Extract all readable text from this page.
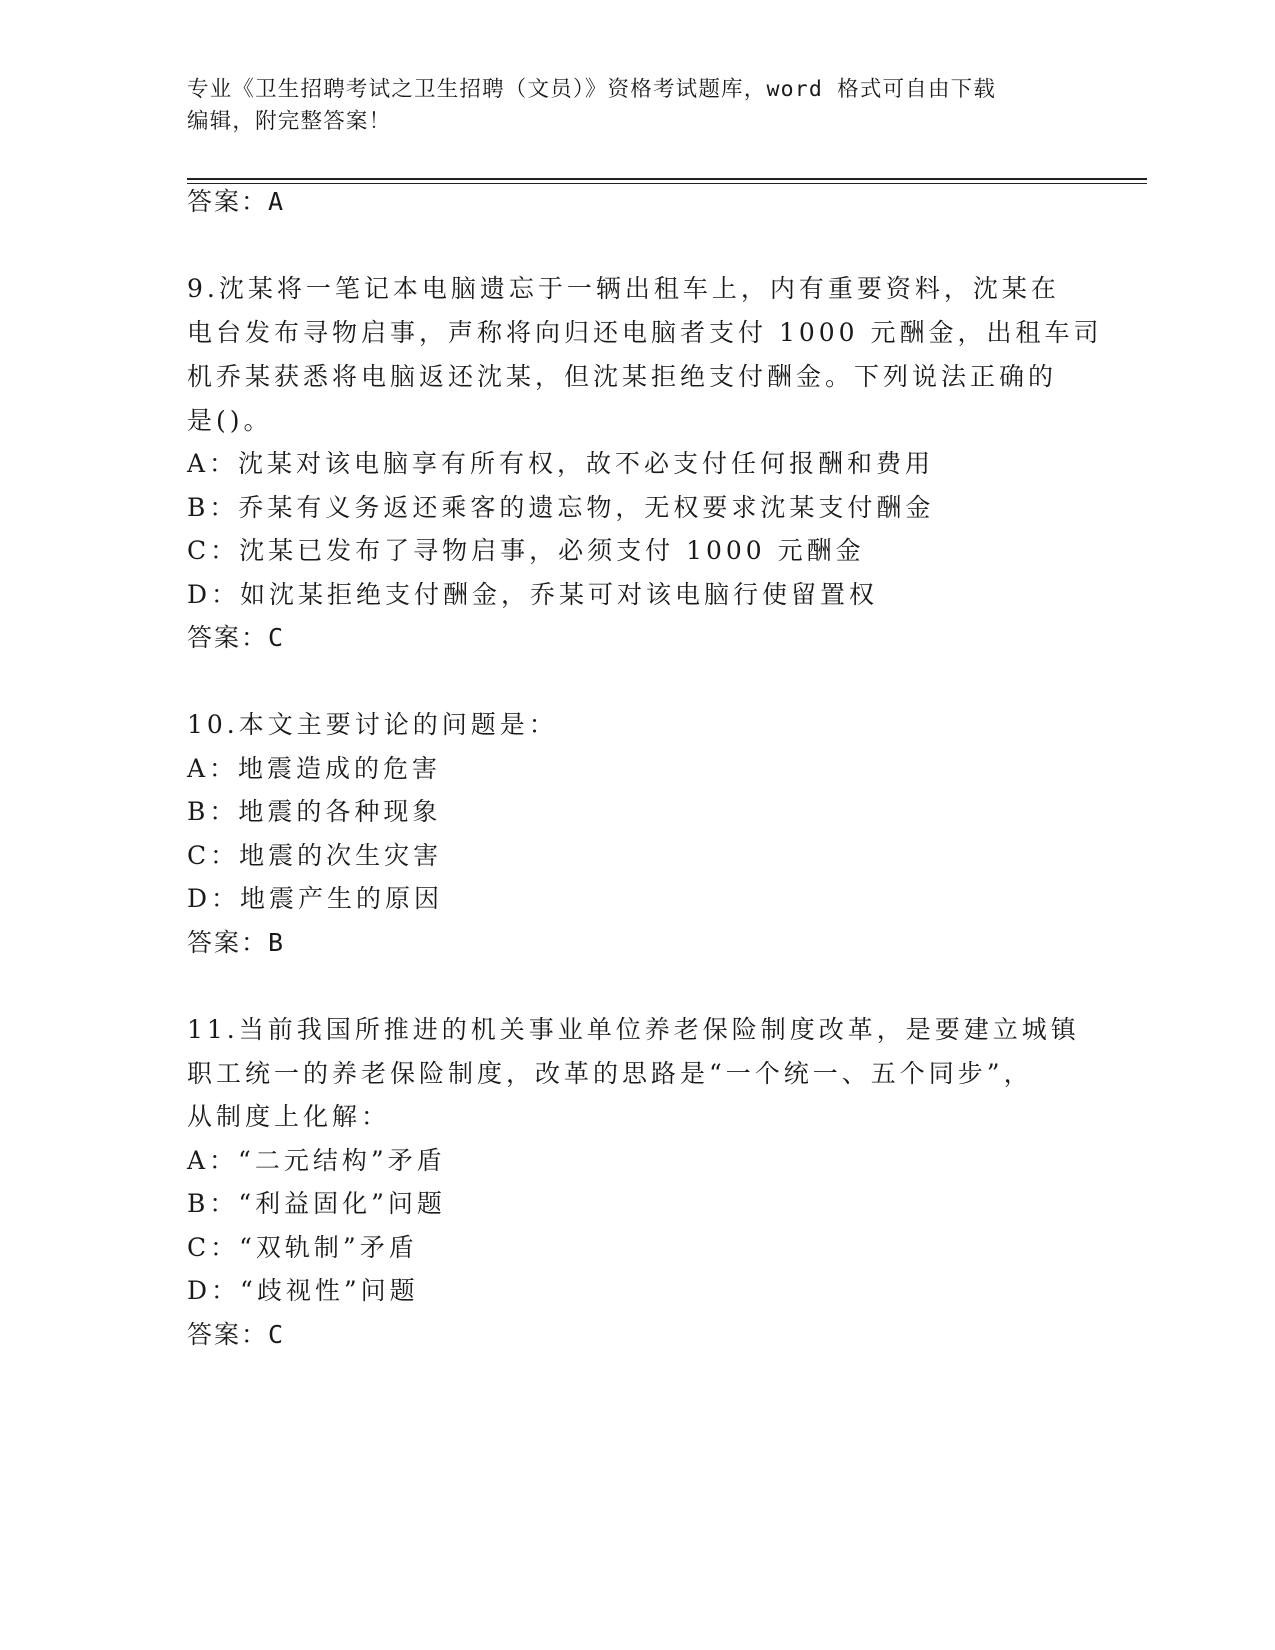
专业《卫生招聘考试之卫生招聘（文员）》资格考试题库，word 格式可自由下载
编辑，附完整答案！
答案：A
9.沈某将一笔记本电脑遗忘于一辆出租车上，内有重要资料，沈某在
电台发布寻物启事，声称将向归还电脑者支付 1000 元酬金，出租车司
机乔某获悉将电脑返还沈某，但沈某拒绝支付酬金。下列说法正确的
是()。
A：沈某对该电脑享有所有权，故不必支付任何报酬和费用
B：乔某有义务返还乘客的遗忘物，无权要求沈某支付酬金
C：沈某已发布了寻物启事，必须支付 1000 元酬金
D：如沈某拒绝支付酬金，乔某可对该电脑行使留置权
答案：C
10.本文主要讨论的问题是：
A：地震造成的危害
B：地震的各种现象
C：地震的次生灾害
D：地震产生的原因
答案：B
11.当前我国所推进的机关事业单位养老保险制度改革，是要建立城镇
职工统一的养老保险制度，改革的思路是“一个统一、五个同步”，
从制度上化解：
A：“二元结构”矛盾
B：“利益固化”问题
C：“双轨制”矛盾
D：“歧视性”问题
答案：C
